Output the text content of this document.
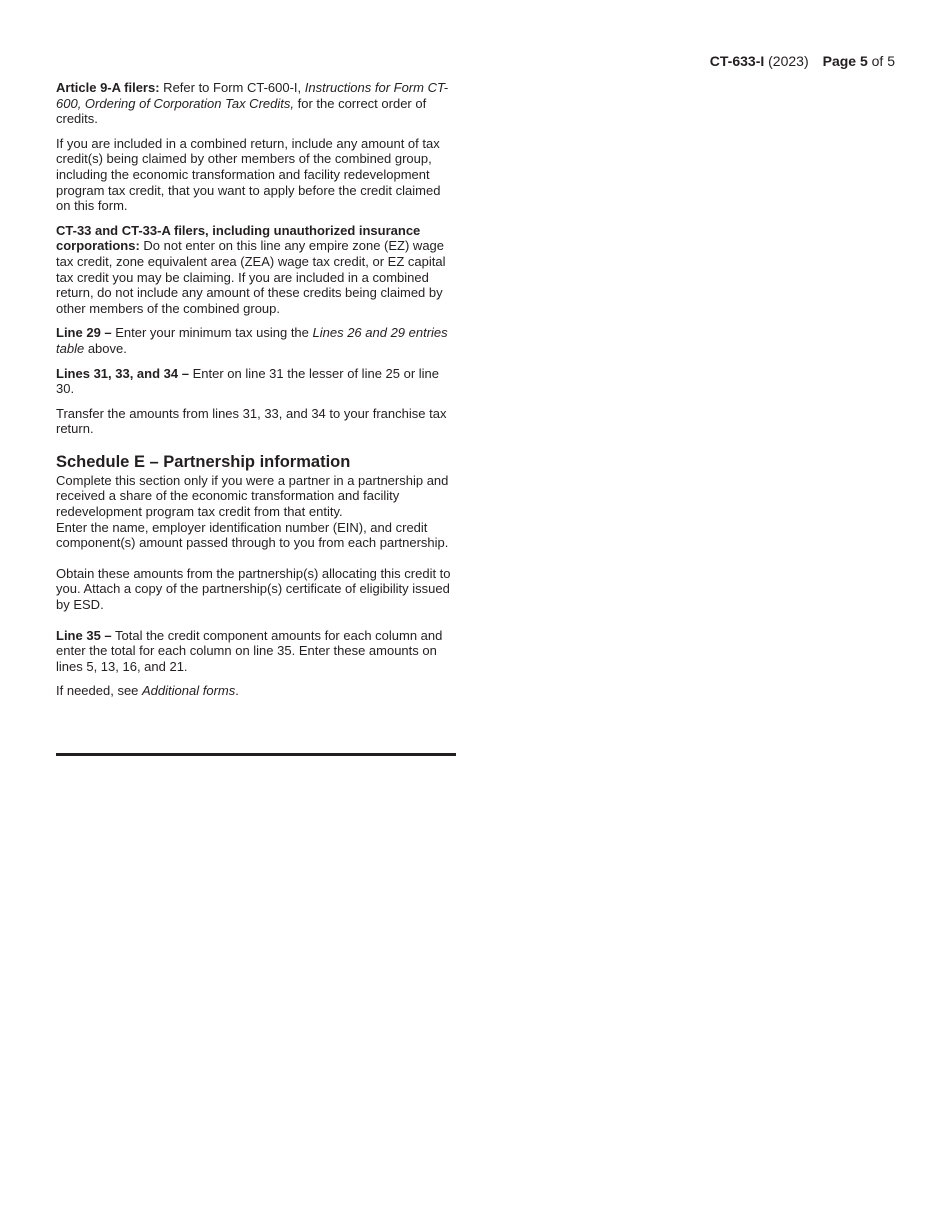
CT-633-I (2023) Page 5 of 5

Article 9-A filers: Refer to Form CT-600-I, Instructions for Form CT-600, Ordering of Corporation Tax Credits, for the correct order of credits.

If you are included in a combined return, include any amount of tax credit(s) being claimed by other members of the combined group, including the economic transformation and facility redevelopment program tax credit, that you want to apply before the credit claimed on this form.

CT-33 and CT-33-A filers, including unauthorized insurance corporations: Do not enter on this line any empire zone (EZ) wage tax credit, zone equivalent area (ZEA) wage tax credit, or EZ capital tax credit you may be claiming. If you are included in a combined return, do not include any amount of these credits being claimed by other members of the combined group.

Line 29 – Enter your minimum tax using the Lines 26 and 29 entries table above.

Lines 31, 33, and 34 – Enter on line 31 the lesser of line 25 or line 30.

Transfer the amounts from lines 31, 33, and 34 to your franchise tax return.

Schedule E – Partnership information

Complete this section only if you were a partner in a partnership and received a share of the economic transformation and facility redevelopment program tax credit from that entity.

Enter the name, employer identification number (EIN), and credit component(s) amount passed through to you from each partnership.

Obtain these amounts from the partnership(s) allocating this credit to you. Attach a copy of the partnership(s) certificate of eligibility issued by ESD.

Line 35 – Total the credit component amounts for each column and enter the total for each column on line 35. Enter these amounts on lines 5, 13, 16, and 21.

If needed, see Additional forms.
